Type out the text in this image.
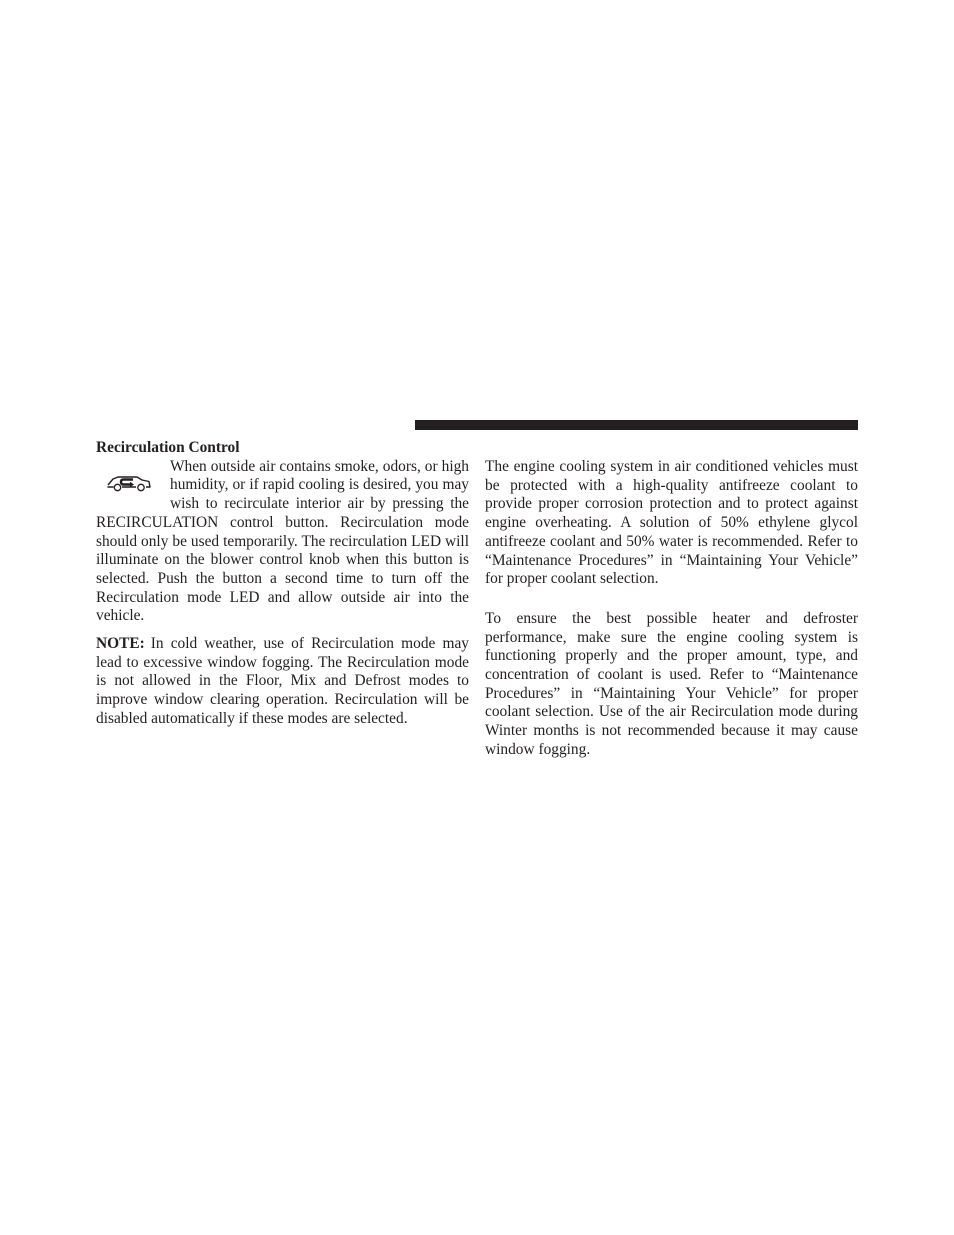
Recirculation Control

When outside air contains smoke, odors, or high humidity, or if rapid cooling is desired, you may wish to recirculate interior air by pressing the RECIRCULATION control button. Recirculation mode should only be used temporarily. The recirculation LED will illuminate on the blower control knob when this button is selected. Push the button a second time to turn off the Recirculation mode LED and allow outside air into the vehicle.

NOTE: In cold weather, use of Recirculation mode may lead to excessive window fogging. The Recirculation mode is not allowed in the Floor, Mix and Defrost modes to improve window clearing operation. Recirculation will be disabled automatically if these modes are selected.

The engine cooling system in air conditioned vehicles must be protected with a high-quality antifreeze coolant to provide proper corrosion protection and to protect against engine overheating. A solution of 50% ethylene glycol antifreeze coolant and 50% water is recommended. Refer to “Maintenance Procedures” in “Maintaining Your Vehicle” for proper coolant selection.

To ensure the best possible heater and defroster performance, make sure the engine cooling system is functioning properly and the proper amount, type, and concentration of coolant is used. Refer to “Maintenance Procedures” in “Maintaining Your Vehicle” for proper coolant selection. Use of the air Recirculation mode during Winter months is not recommended because it may cause window fogging.
